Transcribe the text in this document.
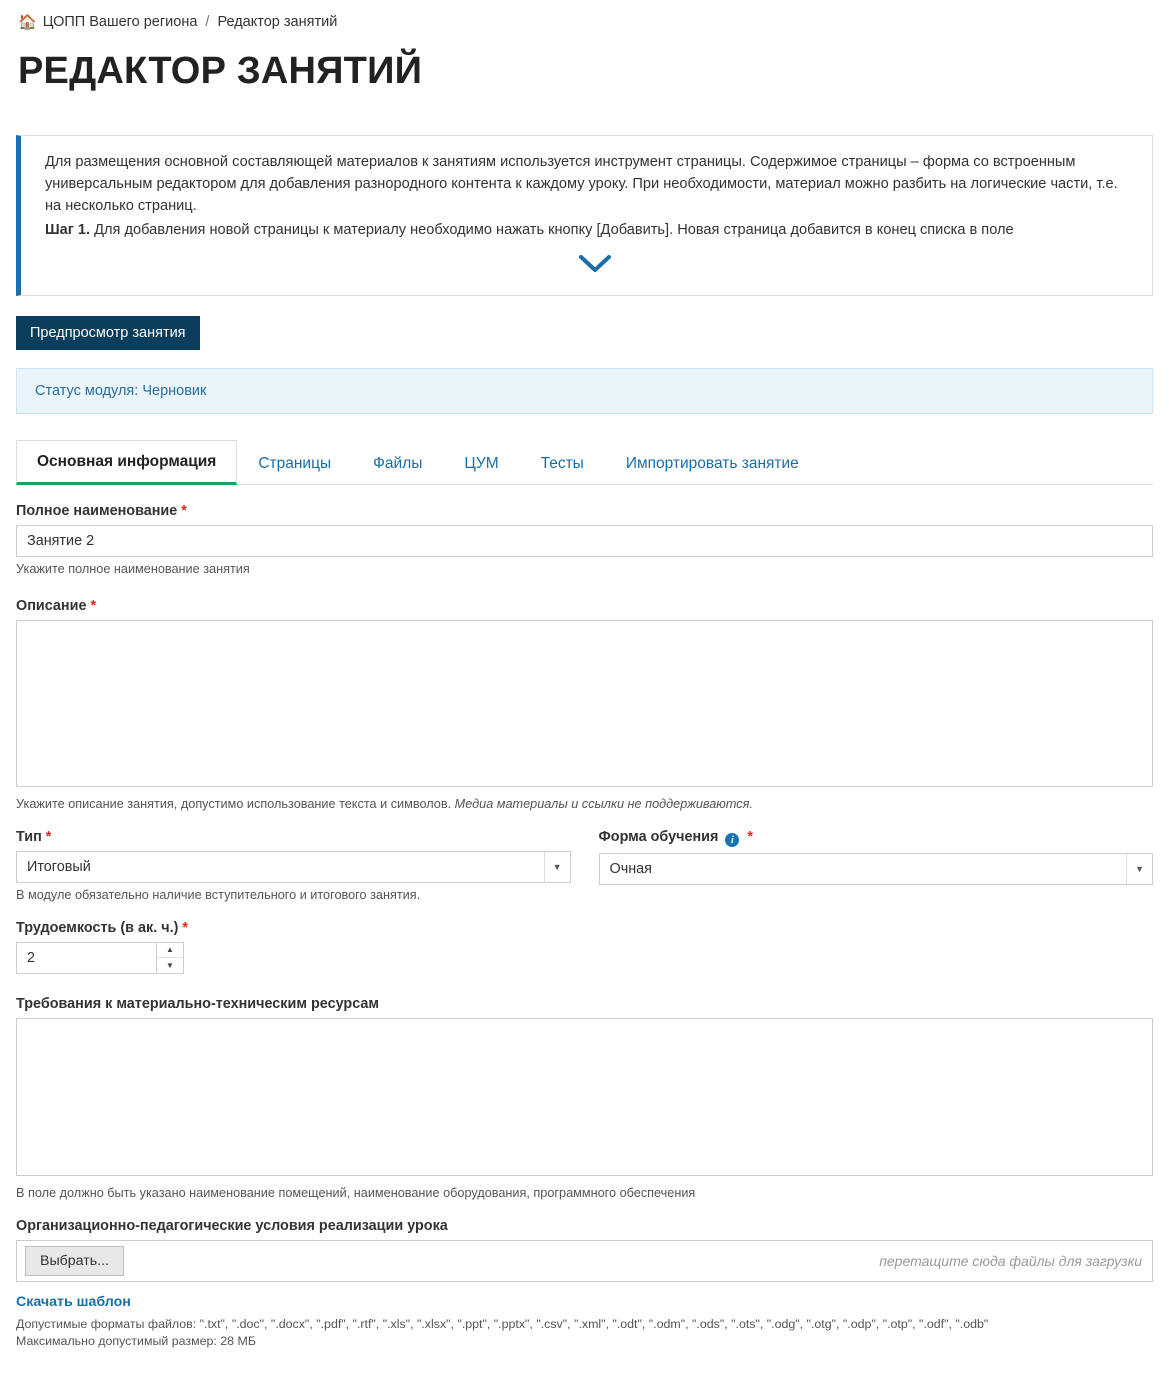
🏠 ЦОПП Вашего региона / Редактор занятий
РЕДАКТОР ЗАНЯТИЙ

Для размещения основной составляющей материалов к занятиям используется инструмент страницы. Содержимое страницы – форма со встроенным универсальным редактором для добавления разнородного контента к каждому уроку. При необходимости, материал можно разбить на логические части, т.е. на несколько страниц.

Шаг 1. Для добавления новой страницы к материалу необходимо нажать кнопку [Добавить]. Новая страница добавится в конец списка в поле

Предпросмотр занятия
Статус модуля: Черновик
Основная информация	Страницы	Файлы	ЦУМ	Тесты	Импортировать занятие
Полное наименование *
Занятие 2
Укажите полное наименование занятия
Описание *
Укажите описание занятия, допустимо использование текста и символов. Медиа материалы и ссылки не поддерживаются.
Тип *
Итоговый
▼
В модуле обязательно наличие вступительного и итогового занятия.
Форма обучения i *
Очная
▼
Трудоемкость (в ак. ч.) *
2
▲
▼
Требования к материально-техническим ресурсам
В поле должно быть указано наименование помещений, наименование оборудования, программного обеспечения
Организационно-педагогические условия реализации урока
Выбрать...	перетащите сюда файлы для загрузки
Скачать шаблон
Допустимые форматы файлов: ".txt", ".doc", ".docx", ".pdf", ".rtf", ".xls", ".xlsx", ".ppt", ".pptx", ".csv", ".xml", ".odt", ".odm", ".ods", ".ots", ".odg", ".otg", ".odp", ".otp", ".odf", ".odb"
Максимально допустимый размер: 28 МБ
